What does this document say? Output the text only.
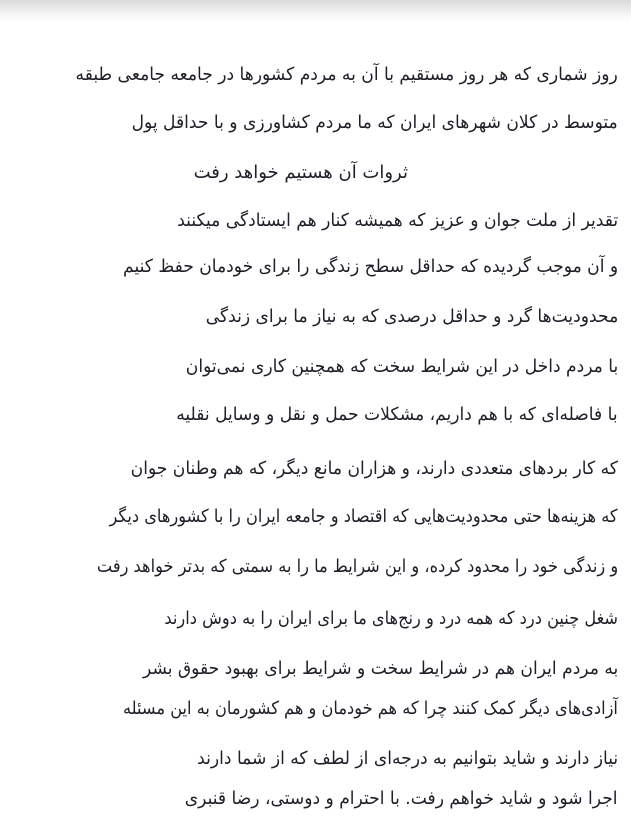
روز شماری که هر روز مستقیم با آن به مردم کشورها در جامعه جامعی طبقه
متوسط در کلان شهرهای ایران که ما مردم کشاورزی و با حداقل پول
ثروات آن هستیم خواهد رفت
تقدیر از ملت جوان و عزیز که همیشه کنار هم ایستادگی میکنند
و آن موجب گردیده که حداقل سطح زندگی را برای خودمان حفظ کنیم
محدودیت‌ها گرد و حداقل درصدی که به نیاز ما برای زندگی
با مردم داخل در این شرایط سخت که همچنین کاری نمی‌توان
با فاصله‌ای که با هم داریم، مشکلات حمل و نقل و وسایل نقلیه
که کار بردهای متعددی دارند، و هزاران مانع دیگر، که هم وطنان جوان
که هزینه‌ها حتی محدودیت‌هایی که اقتصاد و جامعه ایران را با کشورهای دیگر
و زندگی خود را محدود کرده، و این شرایط ما را به سمتی که بدتر خواهد رفت
شغل چنین درد که همه درد و رنج‌های ما برای ایران را به دوش دارند
به مردم ایران هم در شرایط سخت و شرایط برای بهبود حقوق بشر
آزادی‌های دیگر کمک کنند چرا که هم خودمان و هم کشورمان به این مسئله
نیاز دارند و شاید بتوانیم به درجه‌ای از لطف که از شما دارند
اجرا شود و شاید خواهم رفت. با احترام و دوستی، رضا قنبری
